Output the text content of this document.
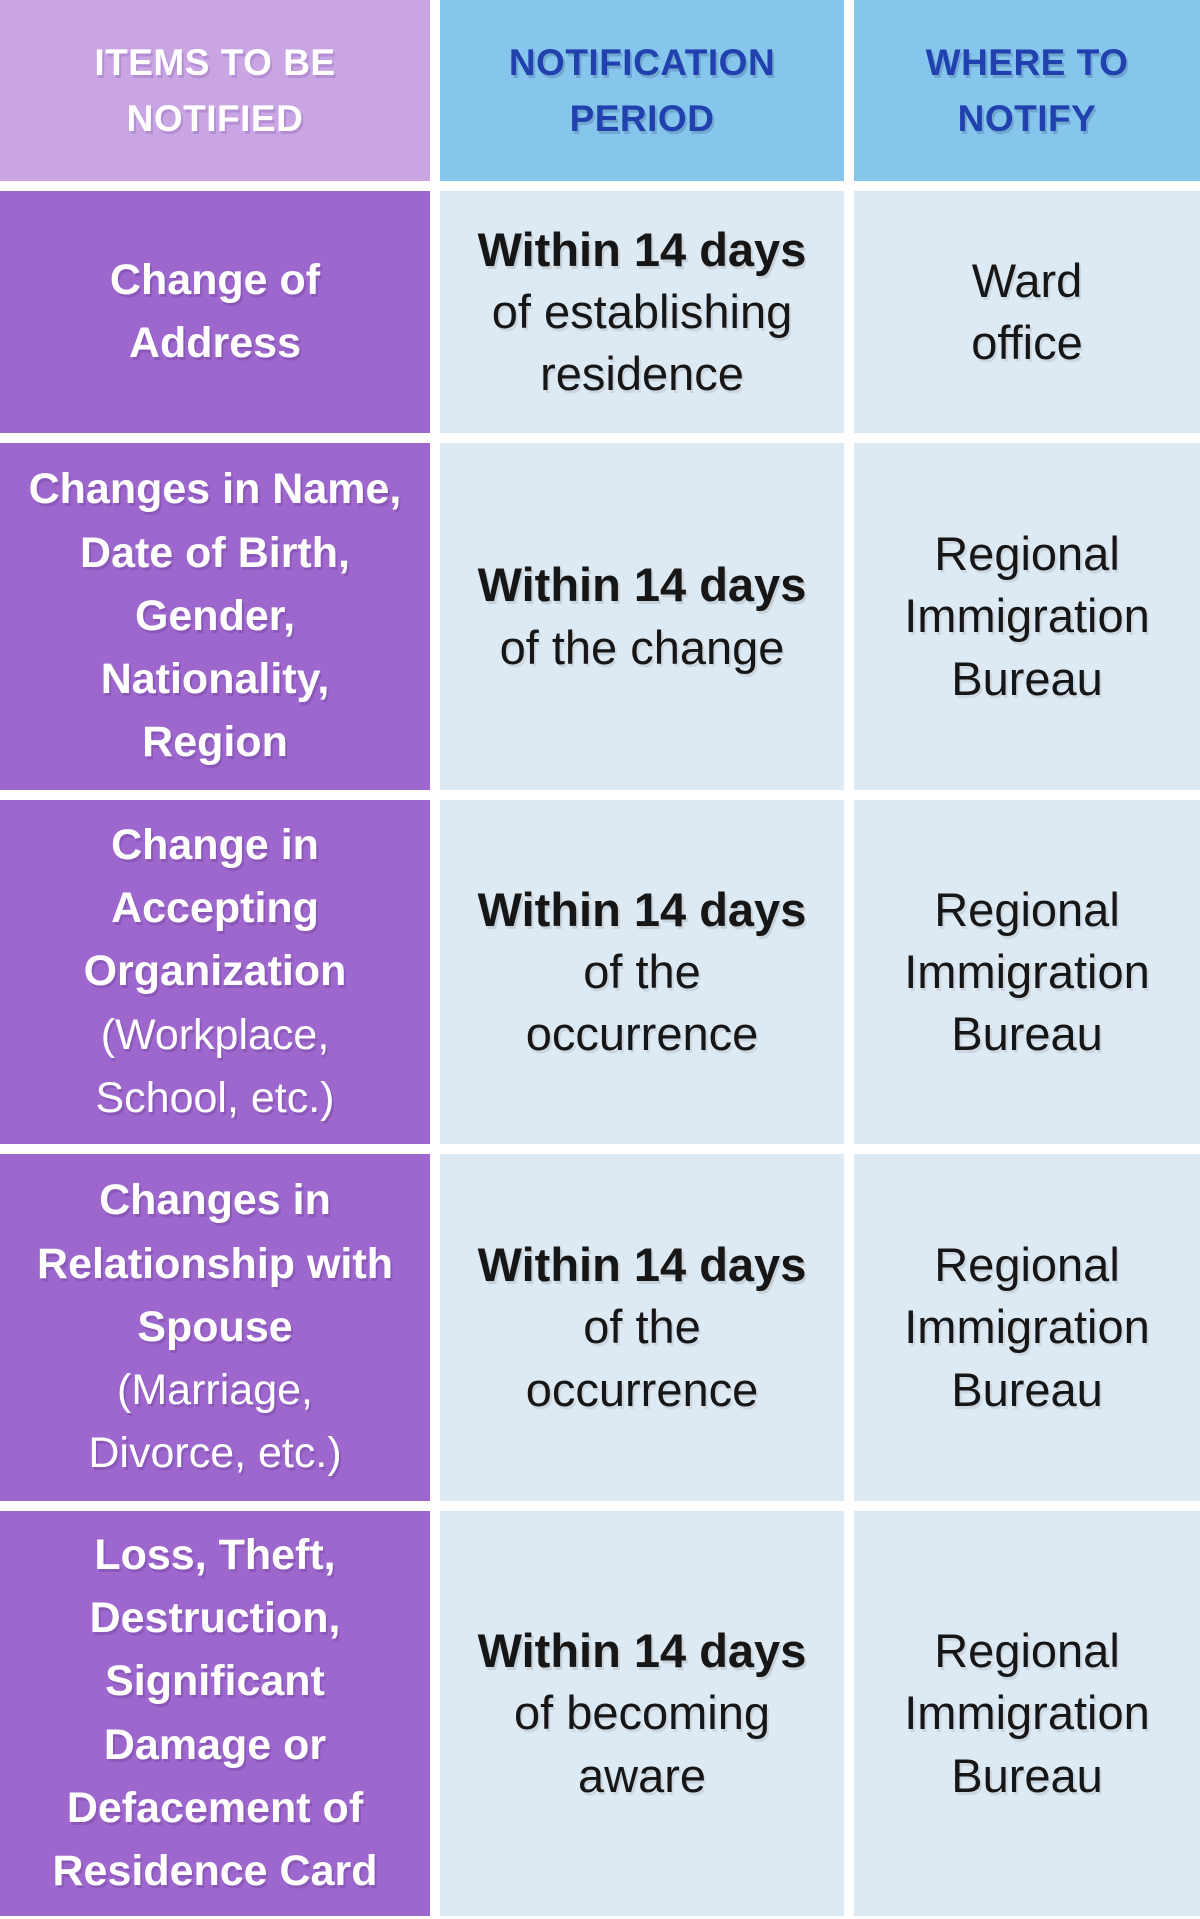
ITEMS TO BE
NOTIFIED
NOTIFICATION
PERIOD
WHERE TO
NOTIFY
Change of
Address
Within 14 days
of establishing
residence
Ward
office
Changes in Name,
Date of Birth,
Gender,
Nationality,
Region
Within 14 days
of the change
Regional
Immigration
Bureau
Change in
Accepting
Organization
(Workplace,
School, etc.)
Within 14 days
of the
occurrence
Regional
Immigration
Bureau
Changes in
Relationship with
Spouse
(Marriage,
Divorce, etc.)
Within 14 days
of the
occurrence
Regional
Immigration
Bureau
Loss, Theft,
Destruction,
Significant
Damage or
Defacement of
Residence Card
Within 14 days
of becoming
aware
Regional
Immigration
Bureau
